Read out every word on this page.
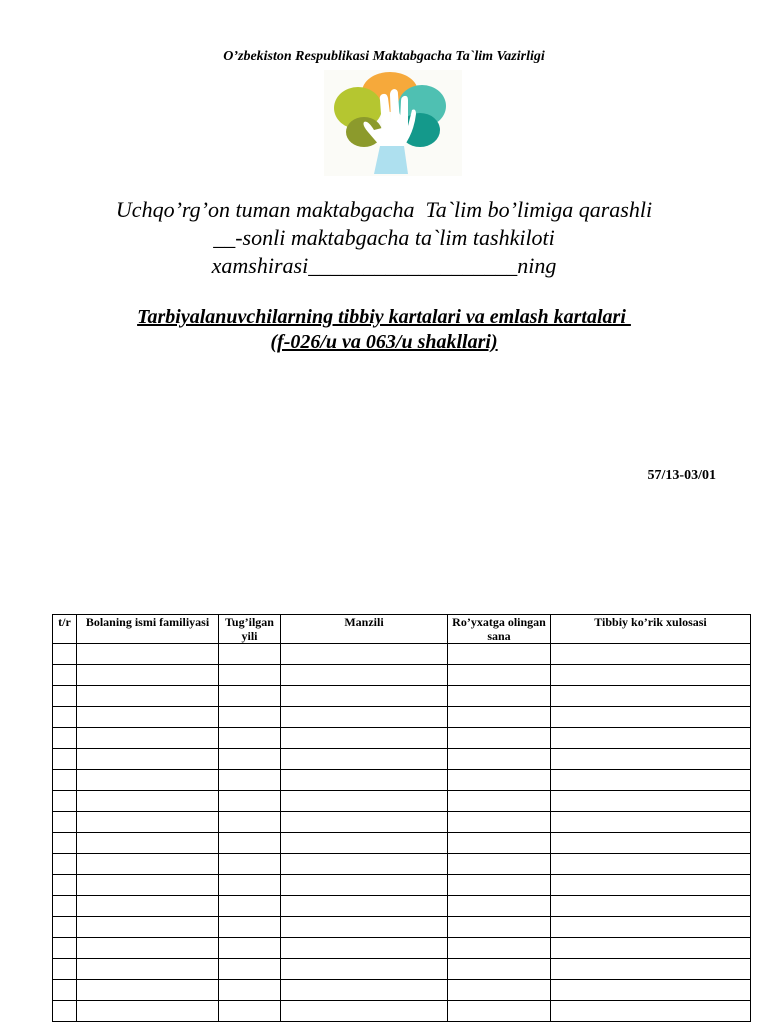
O’zbekiston Respublikasi Maktabgacha Ta`lim Vazirligi
Uchqo’rg’on tuman maktabgacha  Ta`lim bo’limiga qarashli
__-sonli maktabgacha ta`lim tashkiloti
xamshirasi___________________ning
Tarbiyalanuvchilarning tibbiy kartalari va emlash kartalari
(f-026/u va 063/u shakllari)
57/13-03/01
t/r	Bolaning ismi familiyasi	Tug’ilgan yili	Manzili	Ro’yxatga olingan sana	Tibbiy ko’rik xulosasi
